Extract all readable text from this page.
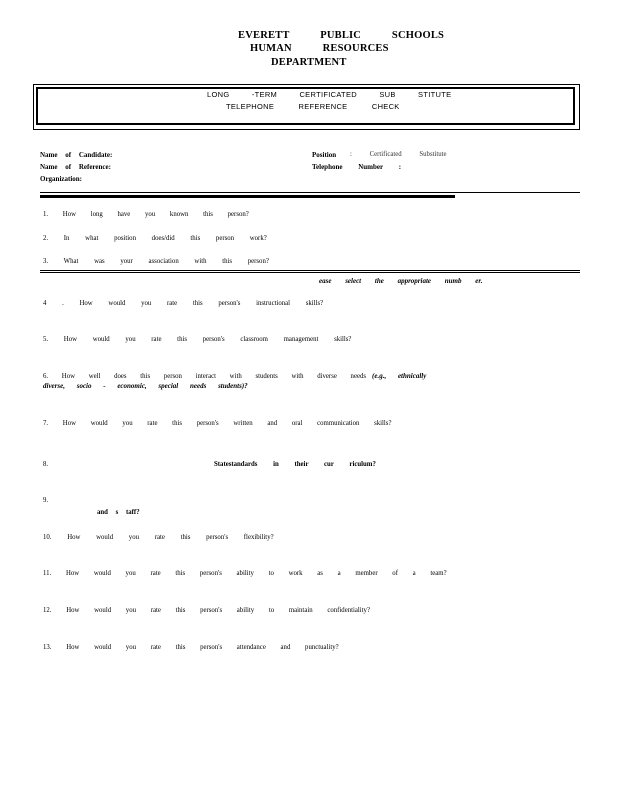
EVERETT PUBLIC SCHOOLS
HUMAN RESOURCES
DEPARTMENT
LONG -TERM CERTIFICATED SUB STITUTE
TELEPHONE REFERENCE CHECK
Name of Candidate:
Name of Reference:
Organization:
Position : Certificated Substitute
Telephone Number :
1. How long have you known this person?
2. In what position does/did this person work?
3. What was your association with this person?
ease select the appropriate numb er.
4 . How would you rate this person's instructional skills?
5. How would you rate this person's classroom management skills?
6. How well does this person interact with students with diverse needs (e.g., ethnically
diverse, socio - economic, special needs students)?
7. How would you rate this person's written and oral communication skills?
8.	Statestandards in their cur riculum?
9.
and s taff?
10. How would you rate this person's flexibility?
11. How would you rate this person's ability to work as a member of a team?
12. How would you rate this person's ability to maintain confidentiality?
13. How would you rate this person's attendance and punctuality?
